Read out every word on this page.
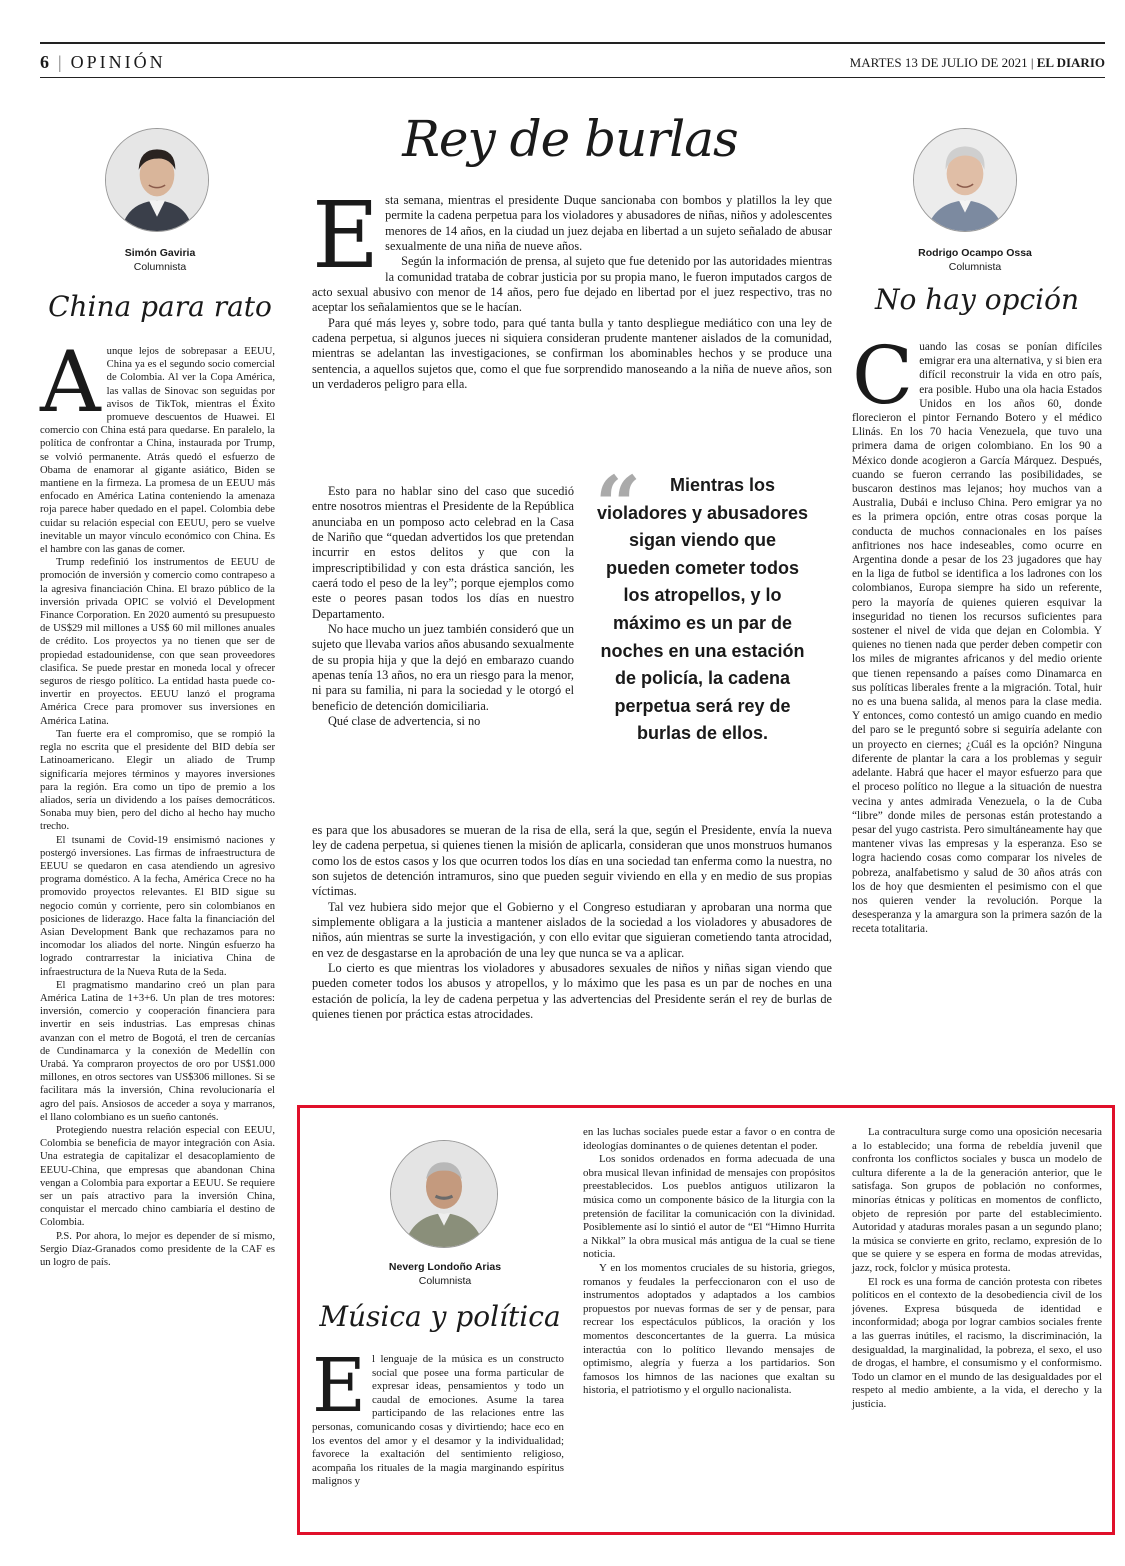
6 | OPINIÓN	MARTES 13 DE JULIO DE 2021 | EL DIARIO
Simón Gaviria
Columnista
China para rato

Aunque lejos de sobrepasar a EEUU, China ya es el segundo socio comercial de Colombia. Al ver la Copa América, las vallas de Sinovac son seguidas por avisos de TikTok, mientras el Éxito promueve descuentos de Huawei. El comercio con China está para quedarse. En paralelo, la política de confrontar a China, instaurada por Trump, se volvió permanente. Atrás quedó el esfuerzo de Obama de enamorar al gigante asiático, Biden se mantiene en la firmeza. La promesa de un EEUU más enfocado en América Latina conteniendo la amenaza roja parece haber quedado en el papel. Colombia debe cuidar su relación especial con EEUU, pero se vuelve inevitable un mayor vínculo económico con China. Es el hambre con las ganas de comer.

Trump redefinió los instrumentos de EEUU de promoción de inversión y comercio como contrapeso a la agresiva financiación China. El brazo público de la inversión privada OPIC se volvió el Development Finance Corporation. En 2020 aumentó su presupuesto de US$29 mil millones a US$ 60 mil millones anuales de crédito. Los proyectos ya no tienen que ser de propiedad estadounidense, con que sean proveedores clasifica. Se puede prestar en moneda local y ofrecer seguros de riesgo político. La entidad hasta puede co-invertir en proyectos. EEUU lanzó el programa América Crece para promover sus inversiones en América Latina.

Tan fuerte era el compromiso, que se rompió la regla no escrita que el presidente del BID debía ser Latinoamericano. Elegir un aliado de Trump significaría mejores términos y mayores inversiones para la región. Era como un tipo de premio a los aliados, sería un dividendo a los países democráticos. Sonaba muy bien, pero del dicho al hecho hay mucho trecho.

El tsunami de Covid-19 ensimismó naciones y postergó inversiones. Las firmas de infraestructura de EEUU se quedaron en casa atendiendo un agresivo programa doméstico. A la fecha, América Crece no ha promovido proyectos relevantes. El BID sigue su negocio común y corriente, pero sin colombianos en posiciones de liderazgo. Hace falta la financiación del Asian Development Bank que rechazamos para no incomodar los aliados del norte. Ningún esfuerzo ha logrado contrarrestar la iniciativa China de infraestructura de la Nueva Ruta de la Seda.

El pragmatismo mandarino creó un plan para América Latina de 1+3+6. Un plan de tres motores: inversión, comercio y cooperación financiera para invertir en seis industrias. Las empresas chinas avanzan con el metro de Bogotá, el tren de cercanías de Cundinamarca y la conexión de Medellín con Urabá. Ya compraron proyectos de oro por US$1.000 millones, en otros sectores van US$306 millones. Si se facilitara más la inversión, China revolucionaría el agro del país. Ansiosos de acceder a soya y marranos, el llano colombiano es un sueño cantonés.

Protegiendo nuestra relación especial con EEUU, Colombia se beneficia de mayor integración con Asia. Una estrategia de capitalizar el desacoplamiento de EEUU-China, que empresas que abandonan China vengan a Colombia para exportar a EEUU. Se requiere ser un país atractivo para la inversión China, conquistar el mercado chino cambiaría el destino de Colombia.

P.S. Por ahora, lo mejor es depender de sí mismo, Sergio Díaz-Granados como presidente de la CAF es un logro de país.

Rey de burlas

Esta semana, mientras el presidente Duque sancionaba con bombos y platillos la ley que permite la cadena perpetua para los violadores y abusadores de niñas, niños y adolescentes menores de 14 años, en la ciudad un juez dejaba en libertad a un sujeto señalado de abusar sexualmente de una niña de nueve años.

Según la información de prensa, al sujeto que fue detenido por las autoridades mientras la comunidad trataba de cobrar justicia por su propia mano, le fueron imputados cargos de acto sexual abusivo con menor de 14 años, pero fue dejado en libertad por el juez respectivo, tras no aceptar los señalamientos que se le hacían.

Para qué más leyes y, sobre todo, para qué tanta bulla y tanto despliegue mediático con una ley de cadena perpetua, si algunos jueces ni siquiera consideran prudente mantener aislados de la comunidad, mientras se adelantan las investigaciones, se confirman los abominables hechos y se produce una sentencia, a aquellos sujetos que, como el que fue sorprendido manoseando a la niña de nueve años, son un verdaderos peligro para ella.

Esto para no hablar sino del caso que sucedió entre nosotros mientras el Presidente de la República anunciaba en un pomposo acto celebrad en la Casa de Nariño que “quedan advertidos los que pretendan incurrir en estos delitos y que con la imprescriptibilidad y con esta drástica sanción, les caerá todo el peso de la ley”; porque ejemplos como este o peores pasan todos los días en nuestro Departamento.

No hace mucho un juez también consideró que un sujeto que llevaba varios años abusando sexualmente de su propia hija y que la dejó en embarazo cuando apenas tenía 13 años, no era un riesgo para la menor, ni para su familia, ni para la sociedad y le otorgó el beneficio de detención domiciliaria.

Qué clase de advertencia, si no

es para que los abusadores se mueran de la risa de ella, será la que, según el Presidente, envía la nueva ley de cadena perpetua, si quienes tienen la misión de aplicarla, consideran que unos monstruos humanos como los de estos casos y los que ocurren todos los días en una sociedad tan enferma como la nuestra, no son sujetos de detención intramuros, sino que pueden seguir viviendo en ella y en medio de sus propias víctimas.

Tal vez hubiera sido mejor que el Gobierno y el Congreso estudiaran y aprobaran una norma que simplemente obligara a la justicia a mantener aislados de la sociedad a los violadores y abusadores de niños, aún mientras se surte la investigación, y con ello evitar que siguieran cometiendo tanta atrocidad, en vez de desgastarse en la aprobación de una ley que nunca se va a aplicar.

Lo cierto es que mientras los violadores y abusadores sexuales de niños y niñas sigan viendo que pueden cometer todos los abusos y atropellos, y lo máximo que les pasa es un par de noches en una estación de policía, la ley de cadena perpetua y las advertencias del Presidente serán el rey de burlas de quienes tienen por práctica estas atrocidades.

“	Mientras los violadores y abusadores sigan viendo que pueden cometer todos los atropellos, y lo máximo es un par de noches en una estación de policía, la cadena perpetua será rey de burlas de ellos.
Rodrigo Ocampo Ossa
Columnista
No hay opción

Cuando las cosas se ponían difíciles emigrar era una alternativa, y si bien era difícil reconstruir la vida en otro país, era posible. Hubo una ola hacia Estados Unidos en los años 60, donde florecieron el pintor Fernando Botero y el médico Llinás. En los 70 hacia Venezuela, que tuvo una primera dama de origen colombiano. En los 90 a México donde acogieron a García Márquez. Después, cuando se fueron cerrando las posibilidades, se buscaron destinos mas lejanos; hoy muchos van a Australia, Dubái e incluso China. Pero emigrar ya no es la primera opción, entre otras cosas porque la conducta de muchos connacionales en los países anfitriones nos hace indeseables, como ocurre en Argentina donde a pesar de los 23 jugadores que hay en la liga de futbol se identifica a los ladrones con los colombianos, Europa siempre ha sido un referente, pero la mayoría de quienes quieren esquivar la inseguridad no tienen los recursos suficientes para sostener el nivel de vida que dejan en Colombia. Y quienes no tienen nada que perder deben competir con los miles de migrantes africanos y del medio oriente que tienen repensando a países como Dinamarca en sus políticas liberales frente a la migración. Total, huir no es una buena salida, al menos para la clase media. Y entonces, como contestó un amigo cuando en medio del paro se le preguntó sobre si seguiría adelante con un proyecto en ciernes; ¿Cuál es la opción? Ninguna diferente de plantar la cara a los problemas y seguir adelante. Habrá que hacer el mayor esfuerzo para que el proceso político no llegue a la situación de nuestra vecina y antes admirada Venezuela, o la de Cuba “libre” donde miles de personas están protestando a pesar del yugo castrista. Pero simultáneamente hay que mantener vivas las empresas y la esperanza. Eso se logra haciendo cosas como comparar los niveles de pobreza, analfabetismo y salud de 30 años atrás con los de hoy que desmienten el pesimismo con el que nos quieren vender la revolución. Porque la desesperanza y la amargura son la primera sazón de la receta totalitaria.

Neverg Londoño Arias
Columnista
Música y política

El lenguaje de la música es un constructo social que posee una forma particular de expresar ideas, pensamientos y todo un caudal de emociones. Asume la tarea participando de las relaciones entre las personas, comunicando cosas y divirtiendo; hace eco en los eventos del amor y el desamor y la individualidad; favorece la exaltación del sentimiento religioso, acompaña los rituales de la magia marginando espíritus malignos y

en las luchas sociales puede estar a favor o en contra de ideologías dominantes o de quienes detentan el poder.

Los sonidos ordenados en forma adecuada de una obra musical llevan infinidad de mensajes con propósitos preestablecidos. Los pueblos antiguos utilizaron la música como un componente básico de la liturgia con la pretensión de facilitar la comunicación con la divinidad. Posiblemente así lo sintió el autor de “El “Himno Hurrita a Nikkal” la obra musical más antigua de la cual se tiene noticia.

Y en los momentos cruciales de su historia, griegos, romanos y feudales la perfeccionaron con el uso de instrumentos adoptados y adaptados a los cambios propuestos por nuevas formas de ser y de pensar, para recrear los espectáculos públicos, la oración y los momentos desconcertantes de la guerra. La música interactúa con lo político llevando mensajes de optimismo, alegría y fuerza a los partidarios. Son famosos los himnos de las naciones que exaltan su historia, el patriotismo y el orgullo nacionalista.

La contracultura surge como una oposición necesaria a lo establecido; una forma de rebeldía juvenil que confronta los conflictos sociales y busca un modelo de cultura diferente a la de la generación anterior, que le satisfaga. Son grupos de población no conformes, minorías étnicas y políticas en momentos de conflicto, objeto de represión por parte del establecimiento. Autoridad y ataduras morales pasan a un segundo plano; la música se convierte en grito, reclamo, expresión de lo que se quiere y se espera en forma de modas atrevidas, jazz, rock, folclor y música protesta.

El rock es una forma de canción protesta con ribetes políticos en el contexto de la desobediencia civil de los jóvenes. Expresa búsqueda de identidad e inconformidad; aboga por lograr cambios sociales frente a las guerras inútiles, el racismo, la discriminación, la desigualdad, la marginalidad, la pobreza, el sexo, el uso de drogas, el hambre, el consumismo y el conformismo. Todo un clamor en el mundo de las desigualdades por el respeto al medio ambiente, a la vida, el derecho y la justicia.
